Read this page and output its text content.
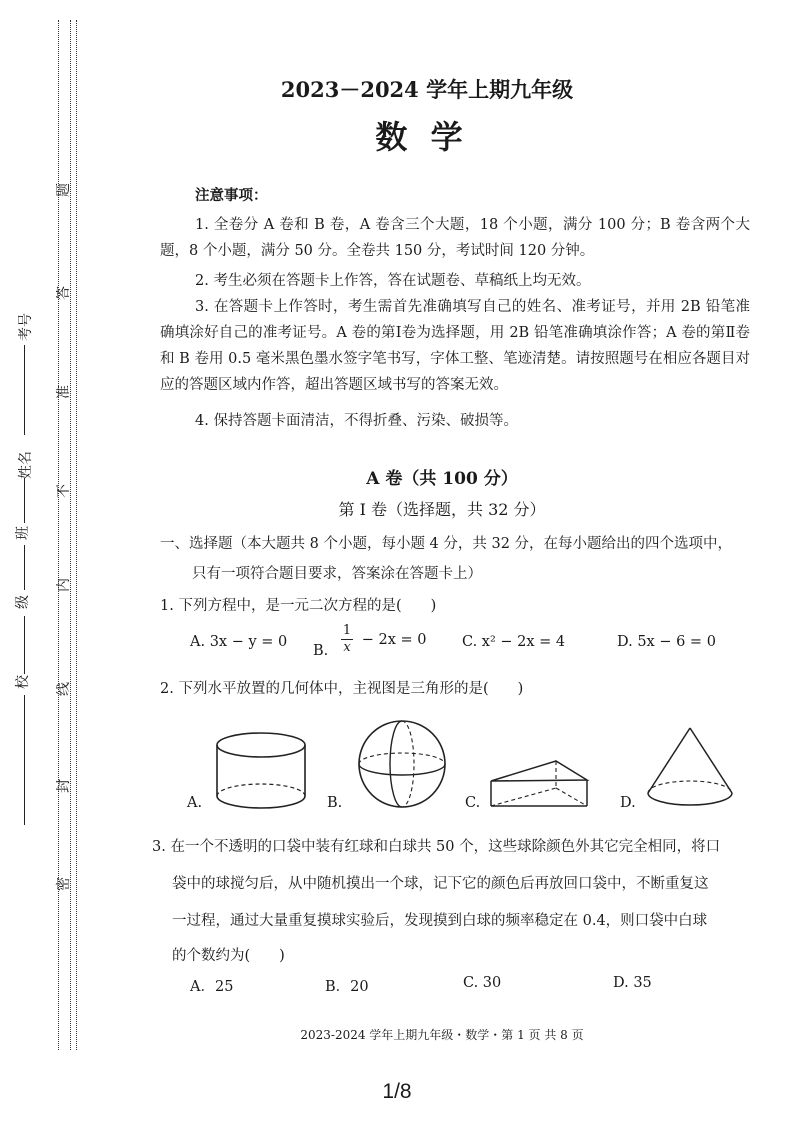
密
封
线
内
不
准
答
题
校
级
班
姓名
考号
2023－2024 学年上期九年级
数 学
注意事项：
1. 全卷分 A 卷和 B 卷，A 卷含三个大题，18 个小题，满分 100 分；B 卷含两个大题，8 个小题，满分 50 分。全卷共 150 分，考试时间 120 分钟。
2. 考生必须在答题卡上作答，答在试题卷、草稿纸上均无效。
3. 在答题卡上作答时，考生需首先准确填写自己的姓名、准考证号，并用 2B 铅笔准确填涂好自己的准考证号。A 卷的第Ⅰ卷为选择题，用 2B 铅笔准确填涂作答；A 卷的第Ⅱ卷和 B 卷用 0.5 毫米黑色墨水签字笔书写，字体工整、笔迹清楚。请按照题号在相应各题目对应的答题区域内作答，超出答题区域书写的答案无效。
4. 保持答题卡面清洁，不得折叠、污染、破损等。
A 卷（共 100 分）
第 Ⅰ 卷（选择题，共 32 分）
一、选择题（本大题共 8 个小题，每小题 4 分，共 32 分，在每小题给出的四个选项中，
只有一项符合题目要求，答案涂在答题卡上）
1. 下列方程中，是一元二次方程的是(　　)
A. 3x − y = 0
B. $\frac{1}{x} - 2x = 0$ C. x² − 2x = 4	D. 5x − 6 = 0
2. 下列水平放置的几何体中，主视图是三角形的是(　　)
A.	B.	C.	D.
3. 在一个不透明的口袋中装有红球和白球共 50 个，这些球除颜色外其它完全相同，将口
袋中的球搅匀后，从中随机摸出一个球，记下它的颜色后再放回口袋中，不断重复这
一过程，通过大量重复摸球实验后，发现摸到白球的频率稳定在 0.4，则口袋中白球
的个数约为(　　)
A．25	B．20	C. 30	D. 35
2023-2024 学年上期九年级・数学・第 1 页 共 8 页
1/8
